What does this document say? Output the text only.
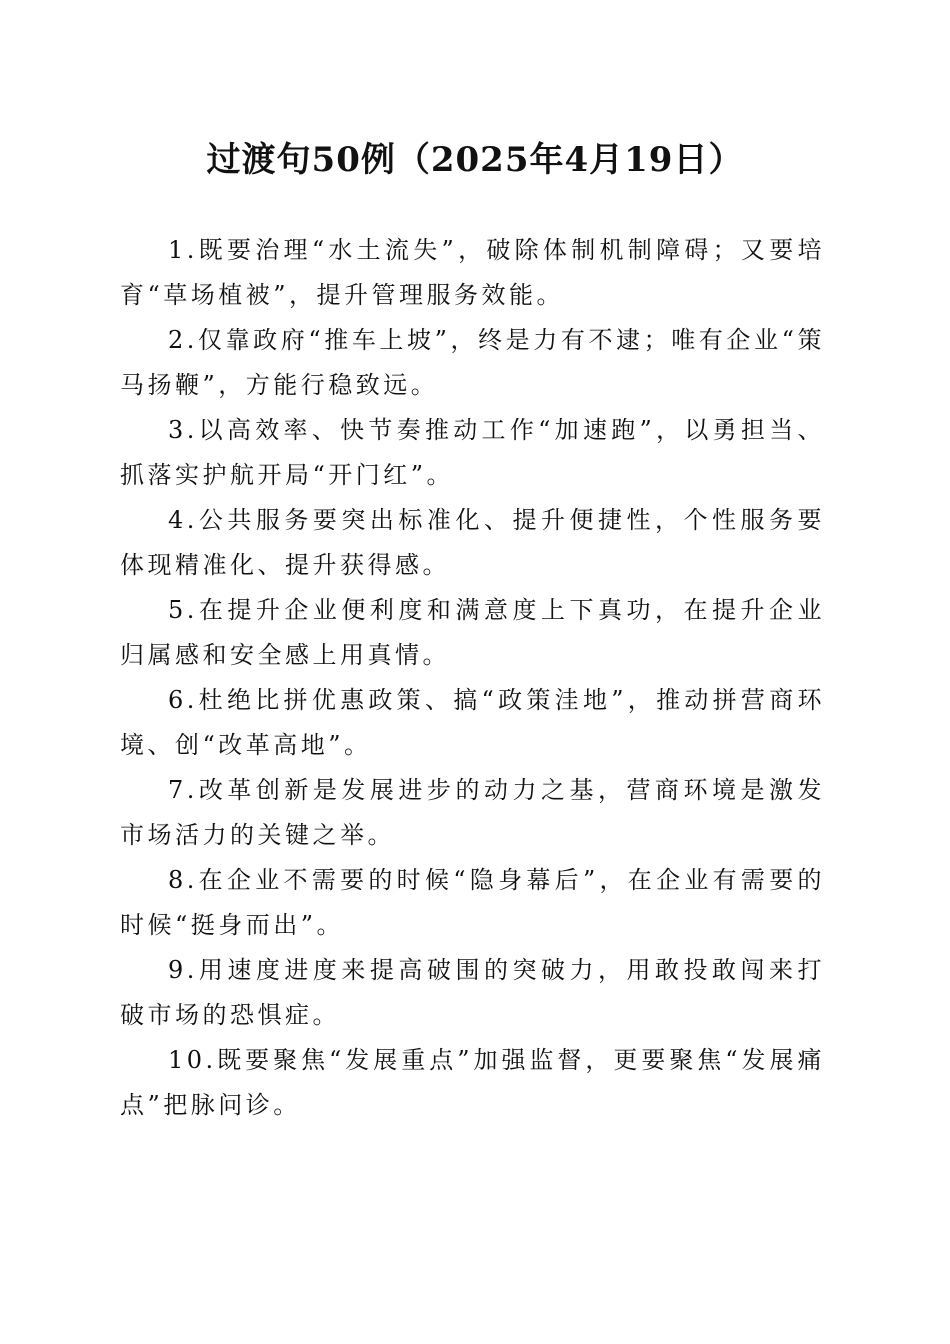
过渡句50例（2025年4月19日）

1.既要治理“水土流失”，破除体制机制障碍；又要培育“草场植被”，提升管理服务效能。

2.仅靠政府“推车上坡”，终是力有不逮；唯有企业“策马扬鞭”，方能行稳致远。

3.以高效率、快节奏推动工作“加速跑”，以勇担当、抓落实护航开局“开门红”。

4.公共服务要突出标准化、提升便捷性，个性服务要体现精准化、提升获得感。

5.在提升企业便利度和满意度上下真功，在提升企业归属感和安全感上用真情。

6.杜绝比拼优惠政策、搞“政策洼地”，推动拼营商环境、创“改革高地”。

7.改革创新是发展进步的动力之基，营商环境是激发市场活力的关键之举。

8.在企业不需要的时候“隐身幕后”，在企业有需要的时候“挺身而出”。

9.用速度进度来提高破围的突破力，用敢投敢闯来打破市场的恐惧症。

10.既要聚焦“发展重点”加强监督，更要聚焦“发展痛点”把脉问诊。
